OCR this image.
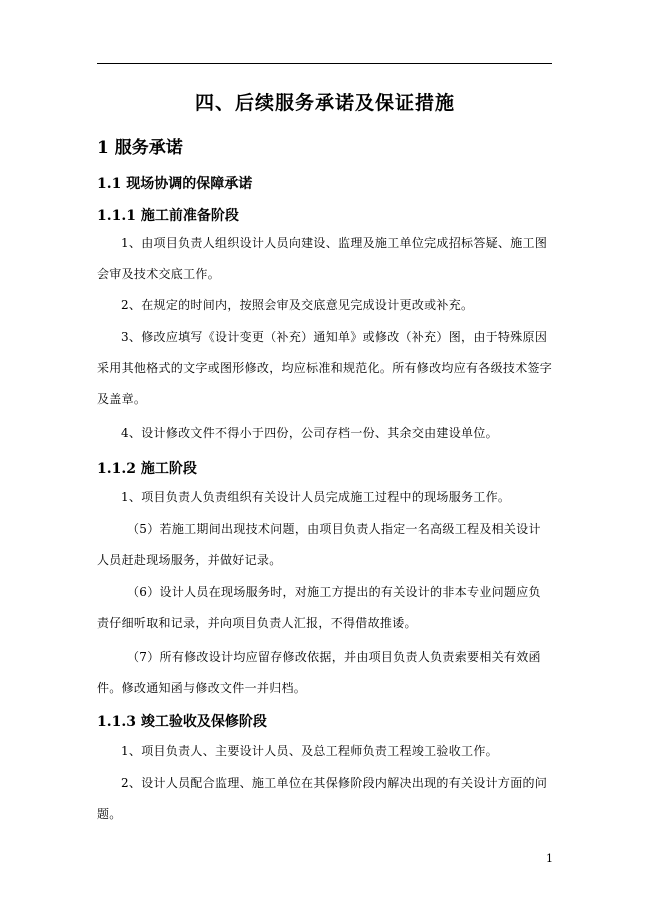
四、后续服务承诺及保证措施
1 服务承诺
1.1 现场协调的保障承诺
1.1.1 施工前准备阶段
1、由项目负责人组织设计人员向建设、监理及施工单位完成招标答疑、施工图会审及技术交底工作。
2、在规定的时间内，按照会审及交底意见完成设计更改或补充。
3、修改应填写《设计变更（补充）通知单》或修改（补充）图，由于特殊原因采用其他格式的文字或图形修改，均应标准和规范化。所有修改均应有各级技术签字及盖章。
4、设计修改文件不得小于四份，公司存档一份、其余交由建设单位。
1.1.2 施工阶段
1、项目负责人负责组织有关设计人员完成施工过程中的现场服务工作。
（5）若施工期间出现技术问题，由项目负责人指定一名高级工程及相关设计人员赶赴现场服务，并做好记录。
（6）设计人员在现场服务时，对施工方提出的有关设计的非本专业问题应负责仔细听取和记录，并向项目负责人汇报，不得借故推诿。
（7）所有修改设计均应留存修改依据，并由项目负责人负责索要相关有效函件。修改通知函与修改文件一并归档。
1.1.3 竣工验收及保修阶段
1、项目负责人、主要设计人员、及总工程师负责工程竣工验收工作。
2、设计人员配合监理、施工单位在其保修阶段内解决出现的有关设计方面的问题。
1
